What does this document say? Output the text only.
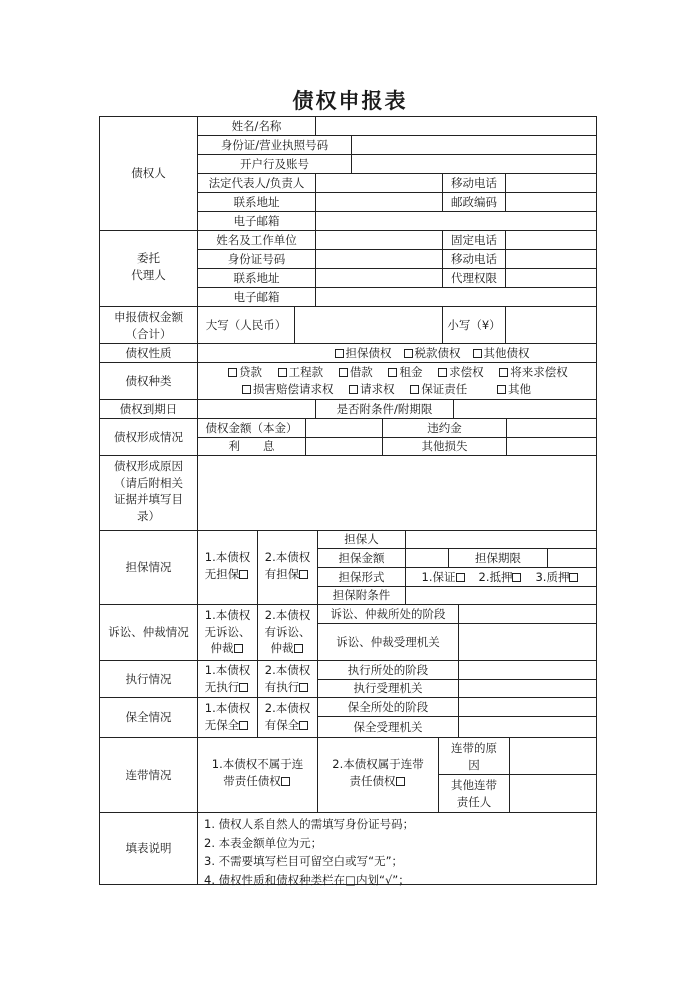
债权申报表
债权人
姓名/名称
身份证/营业执照号码
开户行及账号
法定代表人/负责人	移动电话
联系地址	邮政编码
电子邮箱
委托
代理人
姓名及工作单位	固定电话
身份证号码	移动电话
联系地址	代理权限
电子邮箱
申报债权金额
（合计）
大写（人民币）	小写（¥）
债权性质	担保债权	税款债权	其他债权
债权种类
贷款 工程款 借款 租金 求偿权 将来求偿权
损害赔偿请求权 请求权 保证责任	其他
债权到期日	是否附条件/附期限
债权形成情况
债权金额（本金）	违约金
利　　息	其他损失
债权形成原因
（请后附相关
证据并填写目
录）
担保情况
1.本债权
无担保
2.本债权
有担保
担保人
担保金额	担保期限
担保形式	1.保证	2.抵押	3.质押
担保附条件
诉讼、仲裁情况
1.本债权
无诉讼、
仲裁
2.本债权
有诉讼、
仲裁
诉讼、仲裁所处的阶段
诉讼、仲裁受理机关
执行情况
1.本债权
无执行
2.本债权
有执行
执行所处的阶段
执行受理机关
保全情况
1.本债权
无保全
2.本债权
有保全
保全所处的阶段
保全受理机关
连带情况
1.本债权不属于连
带责任债权
2.本债权属于连带
责任债权
连带的原
因
其他连带
责任人
填表说明
1. 债权人系自然人的需填写身份证号码；
2. 本表金额单位为元；
3. 不需要填写栏目可留空白或写“无”；
4. 债权性质和债权种类栏在□内划“√”；
